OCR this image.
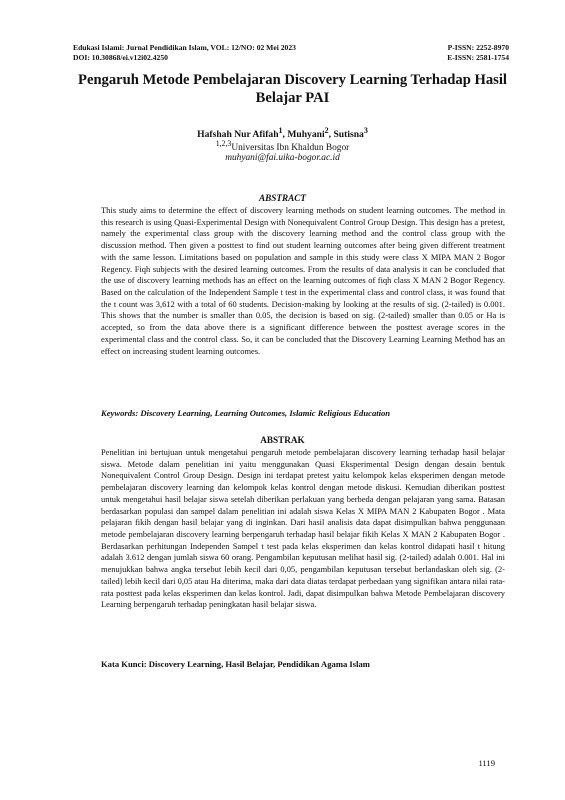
Edukasi Islami: Jurnal Pendidikan Islam, VOL: 12/NO: 02 Mei 2023	P-ISSN: 2252-8970
DOI: 10.30868/ei.v12i02.4250	E-ISSN: 2581-1754
Pengaruh Metode Pembelajaran Discovery Learning Terhadap Hasil Belajar PAI
Hafshah Nur Afifah$^1$, Muhyani$^2$, Sutisna$^3$
$^{1,2,3}$Universitas Ibn Khaldun Bogor
muhyani@fai.uika-bogor.ac.id
ABSTRACT
This study aims to determine the effect of discovery learning methods on student learning outcomes. The method in this research is using Quasi-Experimental Design with Nonequivalent Control Group Design. This design has a pretest, namely the experimental class group with the discovery learning method and the control class group with the discussion method. Then given a posttest to find out student learning outcomes after being given different treatment with the same lesson. Limitations based on population and sample in this study were class X MIPA MAN 2 Bogor Regency. Fiqh subjects with the desired learning outcomes. From the results of data analysis it can be concluded that the use of discovery learning methods has an effect on the learning outcomes of fiqh class X MAN 2 Bogor Regency. Based on the calculation of the Independent Sample t test in the experimental class and control class, it was found that the t count was 3,612 with a total of 60 students. Decision-making by looking at the results of sig. (2-tailed) is 0.001. This shows that the number is smaller than 0.05, the decision is based on sig. (2-tailed) smaller than 0.05 or Ha is accepted, so from the data above there is a significant difference between the posttest average scores in the experimental class and the control class. So, it can be concluded that the Discovery Learning Learning Method has an effect on increasing student learning outcomes.
Keywords: Discovery Learning, Learning Outcomes, Islamic Religious Education
ABSTRAK
Penelitian ini bertujuan untuk mengetahui pengaruh metode pembelajaran discovery learning terhadap hasil belajar siswa. Metode dalam penelitian ini yaitu menggunakan Quasi Eksperimental Design dengan desain bentuk Nonequivalent Control Group Design. Design ini terdapat pretest yaitu kelompok kelas eksperimen dengan metode pembelajaran discovery learning dan kelompok kelas kontrol dengan metode diskusi. Kemudian diberikan posttest untuk mengetahui hasil belajar siswa setelah diberikan perlakuan yang berbeda dengan pelajaran yang sama. Batasan berdasarkan populasi dan sampel dalam penelitian ini adalah siswa Kelas X MIPA MAN 2 Kabupaten Bogor . Mata pelajaran fikih dengan hasil belajar yang di inginkan. Dari hasil analisis data dapat disimpulkan bahwa penggunaan metode pembelajaran discovery learning berpengaruh terhadap hasil belajar fikih Kelas X MAN 2 Kabupaten Bogor . Berdasarkan perhitungan Independen Sampel t test pada kelas eksperimen dan kelas kontrol didapati hasil t hitung adalah 3.612 dengan jumlah siswa 60 orang. Pengambilan keputusan melihat hasil sig. (2-tailed) adalah 0.001. Hal ini menujukkan bahwa angka tersebut lebih kecil dari 0,05, pengambilan keputusan tersebut berlandaskan oleh sig. (2-tailed) lebih kecil dari 0,05 atau Ha diterima, maka dari data diatas terdapat perbedaan yang signifikan antara nilai rata-rata posttest pada kelas eksperimen dan kelas kontrol. Jadi, dapat disimpulkan bahwa Metode Pembelajaran discovery Learning berpengaruh terhadap peningkatan hasil belajar siswa.
Kata Kunci: Discovery Learning, Hasil Belajar, Pendidikan Agama Islam
1119
